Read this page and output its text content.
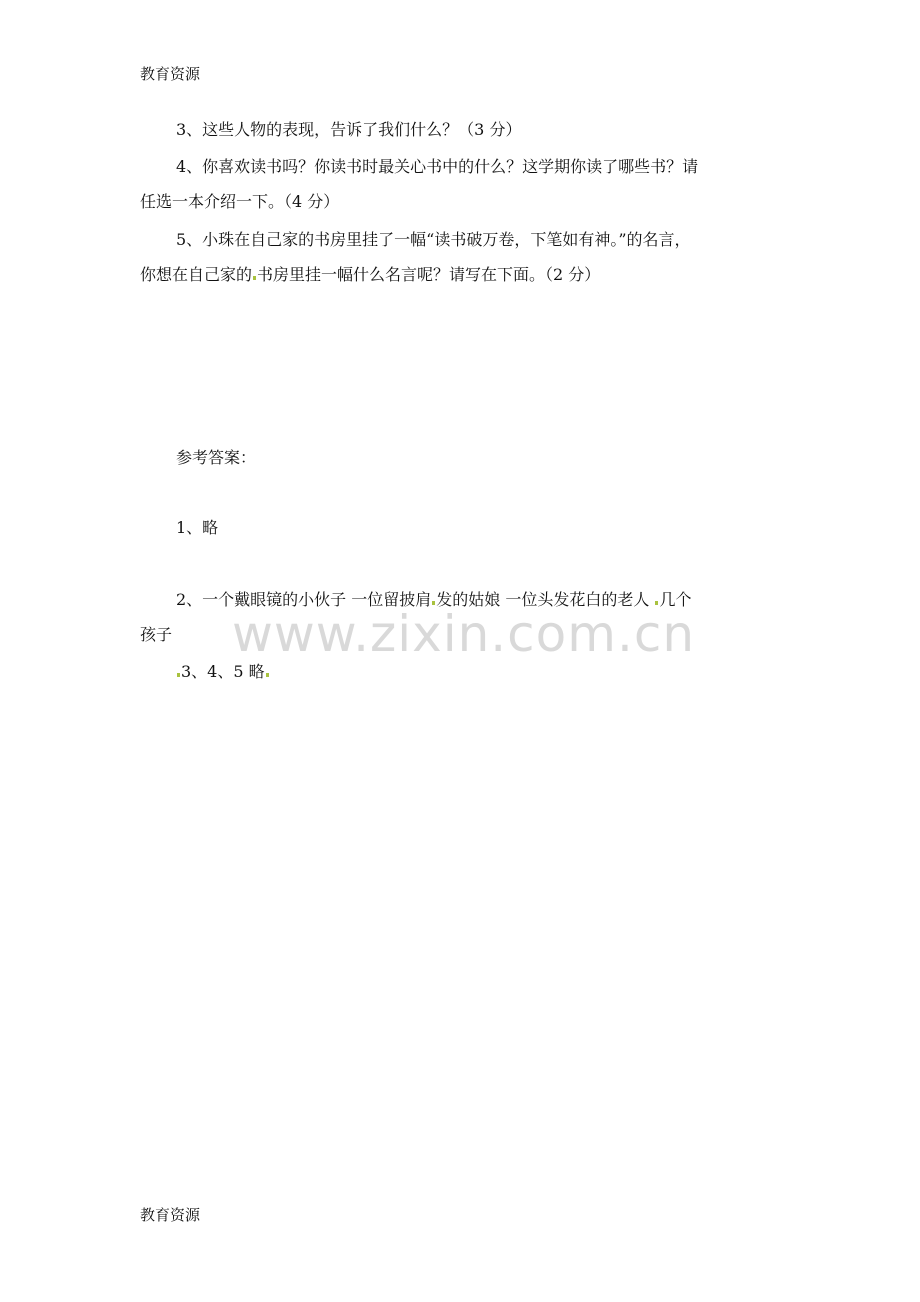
教育资源
3、这些人物的表现，告诉了我们什么？（3 分）
4、你喜欢读书吗？你读书时最关心书中的什么？这学期你读了哪些书？请
任选一本介绍一下。（4 分）
5、小珠在自己家的书房里挂了一幅“读书破万卷，下笔如有神。”的名言，
你想在自己家的 书房里挂一幅什么名言呢？请写在下面。（2 分）
参考答案：
1、略
2、一个戴眼镜的小伙子 一位留披肩 发的姑娘 一位头发花白的老人 几个
孩子
3、4、5 略
www.zixin.com.cn
教育资源
